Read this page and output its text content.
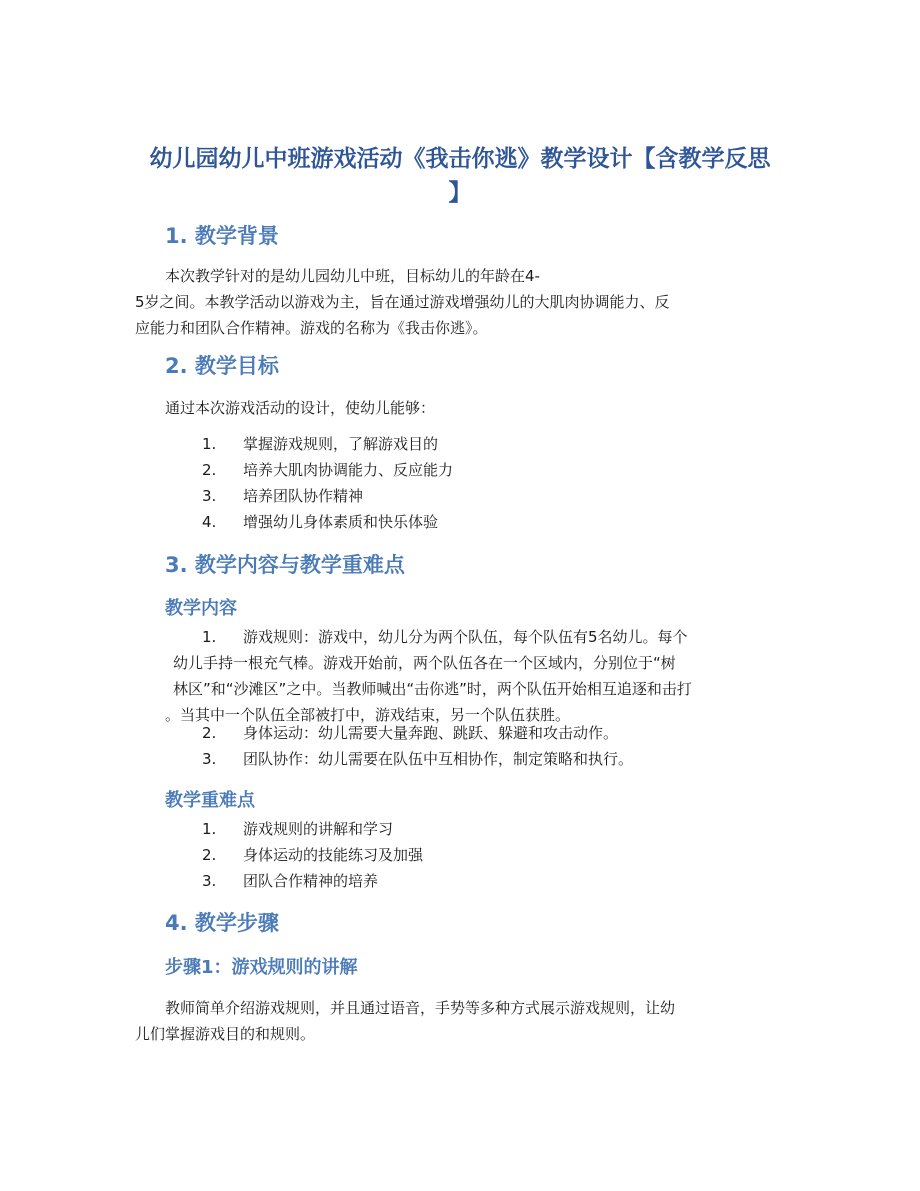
幼儿园幼儿中班游戏活动《我击你逃》教学设计【含教学反思
】
1. 教学背景

本次教学针对的是幼儿园幼儿中班，目标幼儿的年龄在4-
5岁之间。本教学活动以游戏为主，旨在通过游戏增强幼儿的大肌肉协调能力、反
应能力和团队合作精神。游戏的名称为《我击你逃》。

2. 教学目标

通过本次游戏活动的设计，使幼儿能够：

1.	掌握游戏规则，了解游戏目的
2.	培养大肌肉协调能力、反应能力
3.	培养团队协作精神
4.	增强幼儿身体素质和快乐体验
3. 教学内容与教学重难点
教学内容
1. 游戏规则：游戏中，幼儿分为两个队伍，每个队伍有5名幼儿。每个
幼儿手持一根充气棒。游戏开始前，两个队伍各在一个区域内，分别位于“树
林区”和“沙滩区”之中。当教师喊出“击你逃”时，两个队伍开始相互追逐和击打
。当其中一个队伍全部被打中，游戏结束，另一个队伍获胜。
2.	身体运动：幼儿需要大量奔跑、跳跃、躲避和攻击动作。
3.	团队协作：幼儿需要在队伍中互相协作，制定策略和执行。
教学重难点
1.	游戏规则的讲解和学习
2.	身体运动的技能练习及加强
3.	团队合作精神的培养
4. 教学步骤
步骤1：游戏规则的讲解

教师简单介绍游戏规则，并且通过语音，手势等多种方式展示游戏规则，让幼
儿们掌握游戏目的和规则。
